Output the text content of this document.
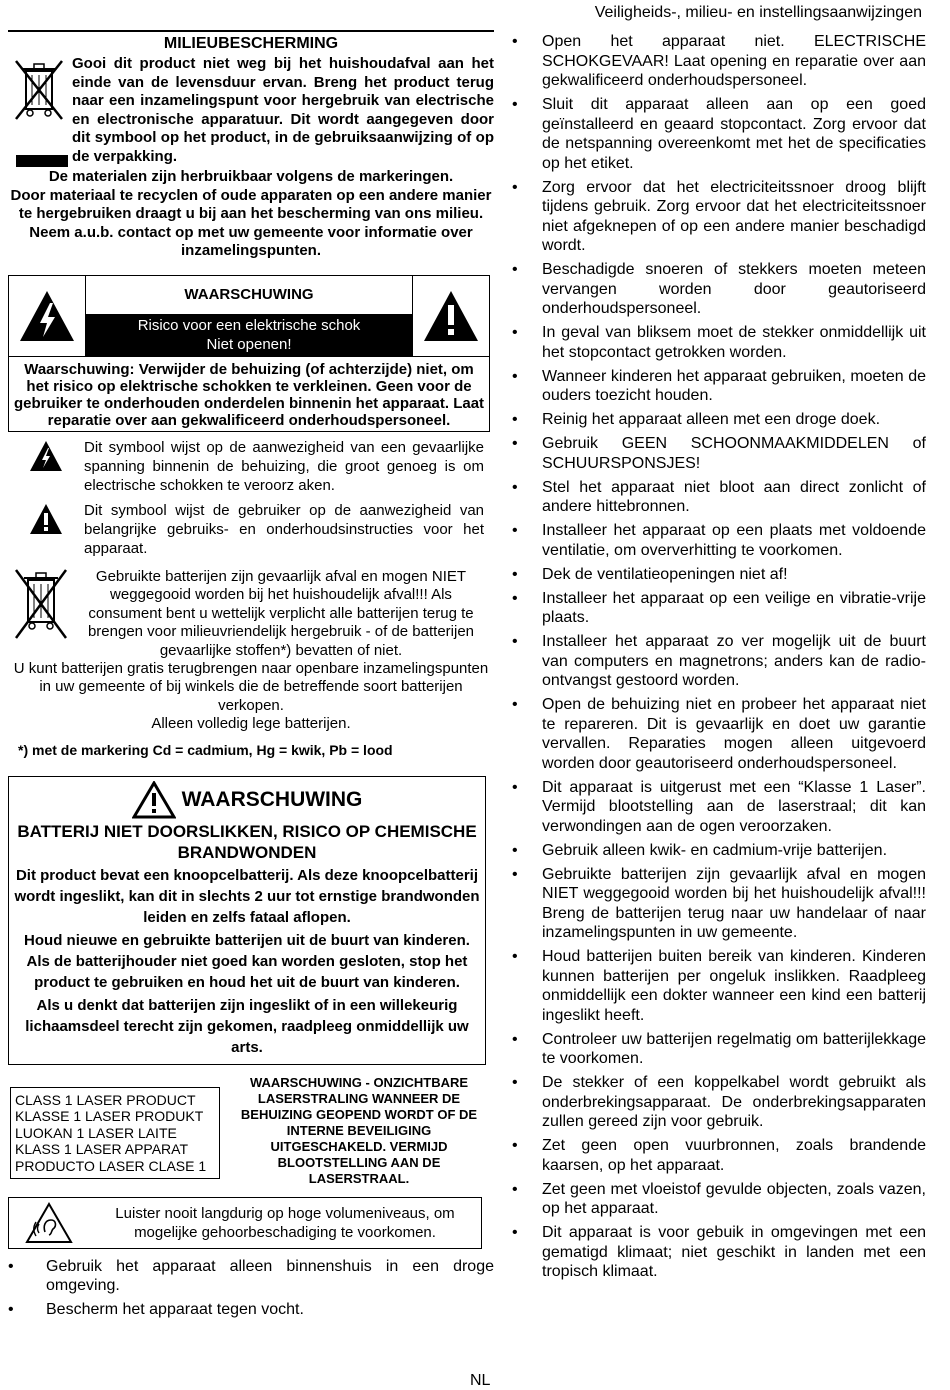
Veiligheids-, milieu- en instellingsaanwijzingen
MILIEUBESCHERMING
Gooi dit product niet weg bij het huishoudafval aan het einde van de levensduur ervan. Breng het product terug naar een inzamelingspunt voor hergebruik van electrische en electronische apparatuur. Dit wordt aangegeven door dit symbool op het product, in de gebruiksaanwijzing of op de verpakking.
De materialen zijn herbruikbaar volgens de markeringen.
Door materiaal te recyclen of oude apparaten op een andere manier te hergebruiken draagt u bij aan het bescherming van ons milieu. Neem a.u.b. contact op met uw gemeente voor informatie over inzamelingspunten.
WAARSCHUWING
Risico voor een elektrische schok
Niet openen!
Waarschuwing: Verwijder de behuizing (of achterzijde) niet, om het risico op elektrische schokken te verkleinen. Geen voor de gebruiker te onderhouden onderdelen binnenin het apparaat. Laat reparatie over aan gekwalificeerd onderhoudspersoneel.
Dit symbool wijst op de aanwezigheid van een gevaarlijke spanning binnenin de behuizing, die groot genoeg is om electrische schokken te veroorz aken.
Dit symbool wijst de gebruiker op de aanwezigheid van belangrijke gebruiks- en onderhoudsinstructies voor het apparaat.
Gebruikte batterijen zijn gevaarlijk afval en mogen NIET weggegooid worden bij het huishoudelijk afval!!! Als consument bent u wettelijk verplicht alle batterijen terug te brengen voor milieuvriendelijk hergebruik - of de batterijen gevaarlijke stoffen*) bevatten of niet.
U kunt batterijen gratis terugbrengen naar openbare inzamelingspunten in uw gemeente of bij winkels die de betreffende soort batterijen verkopen.
Alleen volledig lege batterijen.
*) met de markering Cd = cadmium, Hg = kwik, Pb = lood
WAARSCHUWING
BATTERIJ NIET DOORSLIKKEN, RISICO OP CHEMISCHE BRANDWONDEN
Dit product bevat een knoopcelbatterij. Als deze knoopcelbatterij wordt ingeslikt, kan dit in slechts 2 uur tot ernstige brandwonden leiden en zelfs fataal aflopen.
Houd nieuwe en gebruikte batterijen uit de buurt van kinderen. Als de batterijhouder niet goed kan worden gesloten, stop het product te gebruiken en houd het uit de buurt van kinderen.
Als u denkt dat batterijen zijn ingeslikt of in een willekeurig lichaamsdeel terecht zijn gekomen, raadpleeg onmiddellijk uw arts.
CLASS 1 LASER PRODUCT
KLASSE 1 LASER PRODUKT
LUOKAN 1 LASER LAITE
KLASS 1 LASER APPARAT
PRODUCTO LASER CLASE 1
WAARSCHUWING - ONZICHTBARE LASERSTRALING WANNEER DE BEHUIZING GEOPEND WORDT OF DE INTERNE BEVEILIGING UITGESCHAKELD. VERMIJD BLOOTSTELLING AAN DE LASERSTRAAL.
Luister nooit langdurig op hoge volumeniveaus, om mogelijke gehoorbeschadiging te voorkomen.
• Gebruik het apparaat alleen binnenshuis in een droge omgeving.
• Bescherm het apparaat tegen vocht.
• Open het apparaat niet. ELECTRISCHE SCHOKGEVAAR! Laat opening en reparatie over aan gekwalificeerd onderhoudspersoneel.
• Sluit dit apparaat alleen aan op een goed geïnstalleerd en geaard stopcontact. Zorg ervoor dat de netspanning overeenkomt met het de specificaties op het etiket.
• Zorg ervoor dat het electriciteitssnoer droog blijft tijdens gebruik. Zorg ervoor dat het electriciteitssnoer niet afgeknepen of op een andere manier beschadigd wordt.
• Beschadigde snoeren of stekkers moeten meteen vervangen worden door geautoriseerd onderhoudspersoneel.
• In geval van bliksem moet de stekker onmiddellijk uit het stopcontact getrokken worden.
• Wanneer kinderen het apparaat gebruiken, moeten de ouders toezicht houden.
• Reinig het apparaat alleen met een droge doek.
• Gebruik GEEN SCHOONMAAKMIDDELEN of SCHUURSPONSJES!
• Stel het apparaat niet bloot aan direct zonlicht of andere hittebronnen.
• Installeer het apparaat op een plaats met voldoende ventilatie, om oververhitting te voorkomen.
• Dek de ventilatieopeningen niet af!
• Installeer het apparaat op een veilige en vibratie-vrije plaats.
• Installeer het apparaat zo ver mogelijk uit de buurt van computers en magnetrons; anders kan de radio-ontvangst gestoord worden.
• Open de behuizing niet en probeer het apparaat niet te repareren. Dit is gevaarlijk en doet uw garantie vervallen. Reparaties mogen alleen uitgevoerd worden door geautoriseerd onderhoudspersoneel.
• Dit apparaat is uitgerust met een “Klasse 1 Laser”. Vermijd blootstelling aan de laserstraal; dit kan verwondingen aan de ogen veroorzaken.
• Gebruik alleen kwik- en cadmium-vrije batterijen.
• Gebruikte batterijen zijn gevaarlijk afval en mogen NIET weggegooid worden bij het huishoudelijk afval!!! Breng de batterijen terug naar uw handelaar of naar inzamelingspunten in uw gemeente.
• Houd batterijen buiten bereik van kinderen. Kinderen kunnen batterijen per ongeluk inslikken. Raadpleeg onmiddellijk een dokter wanneer een kind een batterij ingeslikt heeft.
• Controleer uw batterijen regelmatig om batterijlekkage te voorkomen.
• De stekker of een koppelkabel wordt gebruikt als onderbrekingsapparaat. De onderbrekingsapparaten zullen gereed zijn voor gebruik.
• Zet geen open vuurbronnen, zoals brandende kaarsen, op het apparaat.
• Zet geen met vloeistof gevulde objecten, zoals vazen, op het apparaat.
• Dit apparaat is voor gebuik in omgevingen met een gematigd klimaat; niet geschikt in landen met een tropisch klimaat.
NL
